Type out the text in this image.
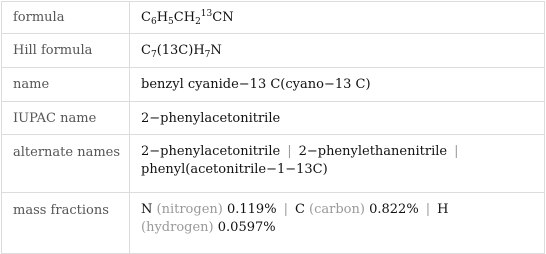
formula	$C_6H_5CH_2^{13}CN$
Hill formula	$C_7(13C)H_7N$
name	benzyl cyanide−13 C(cyano−13 C)
IUPAC name	2−phenylacetonitrile
alternate names	2−phenylacetonitrile | 2−phenylethanenitrile |
phenyl(acetonitrile−1−13C)
mass fractions	N (nitrogen) 0.119% | C (carbon) 0.822% | H
(hydrogen) 0.0597%
